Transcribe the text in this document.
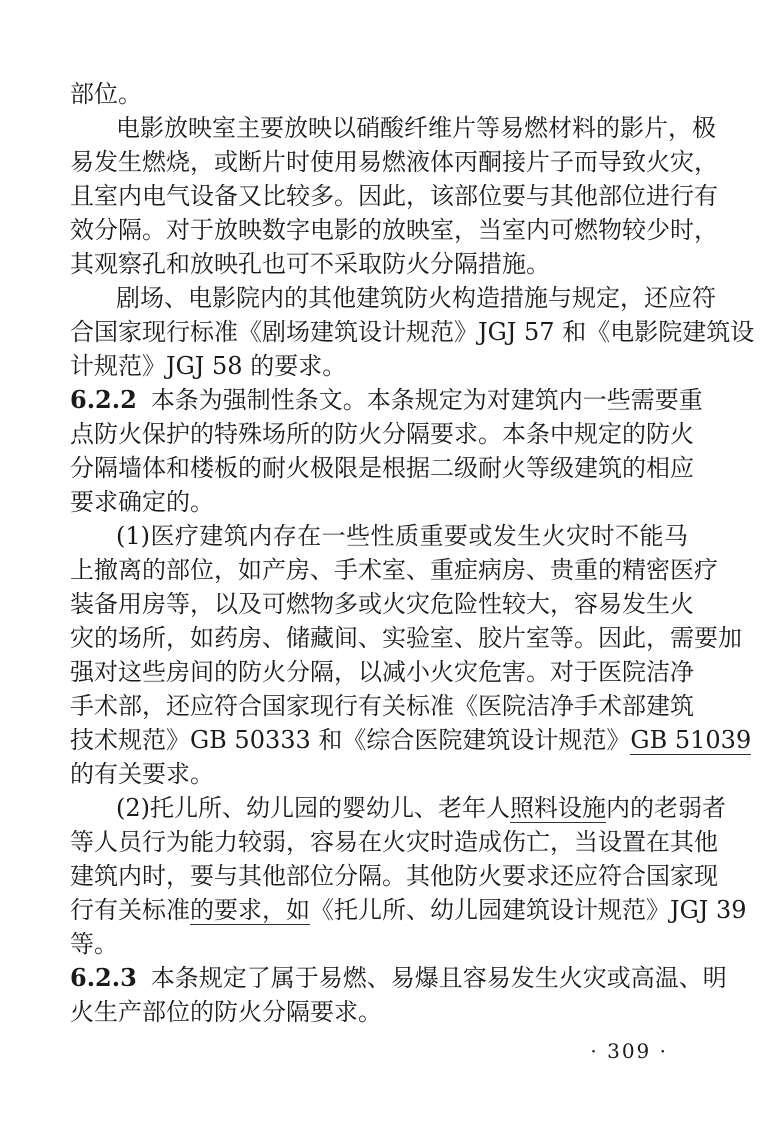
部位。
电影放映室主要放映以硝酸纤维片等易燃材料的影片，极
易发生燃烧，或断片时使用易燃液体丙酮接片子而导致火灾，
且室内电气设备又比较多。因此，该部位要与其他部位进行有
效分隔。对于放映数字电影的放映室，当室内可燃物较少时，
其观察孔和放映孔也可不采取防火分隔措施。
剧场、电影院内的其他建筑防火构造措施与规定，还应符
合国家现行标准《剧场建筑设计规范》JGJ 57 和《电影院建筑设
计规范》JGJ 58 的要求。
6.2.2 本条为强制性条文。本条规定为对建筑内一些需要重
点防火保护的特殊场所的防火分隔要求。本条中规定的防火
分隔墙体和楼板的耐火极限是根据二级耐火等级建筑的相应
要求确定的。
(1)医疗建筑内存在一些性质重要或发生火灾时不能马
上撤离的部位，如产房、手术室、重症病房、贵重的精密医疗
装备用房等，以及可燃物多或火灾危险性较大，容易发生火
灾的场所，如药房、储藏间、实验室、胶片室等。因此，需要加
强对这些房间的防火分隔，以减小火灾危害。对于医院洁净
手术部，还应符合国家现行有关标准《医院洁净手术部建筑
技术规范》GB 50333 和《综合医院建筑设计规范》GB 51039
的有关要求。
(2)托儿所、幼儿园的婴幼儿、老年人照料设施内的老弱者
· 309 ·
等人员行为能力较弱，容易在火灾时造成伤亡，当设置在其他
建筑内时，要与其他部位分隔。其他防火要求还应符合国家现
行有关标准的要求，如《托儿所、幼儿园建筑设计规范》JGJ 39
等。
6.2.3 本条规定了属于易燃、易爆且容易发生火灾或高温、明
火生产部位的防火分隔要求。
